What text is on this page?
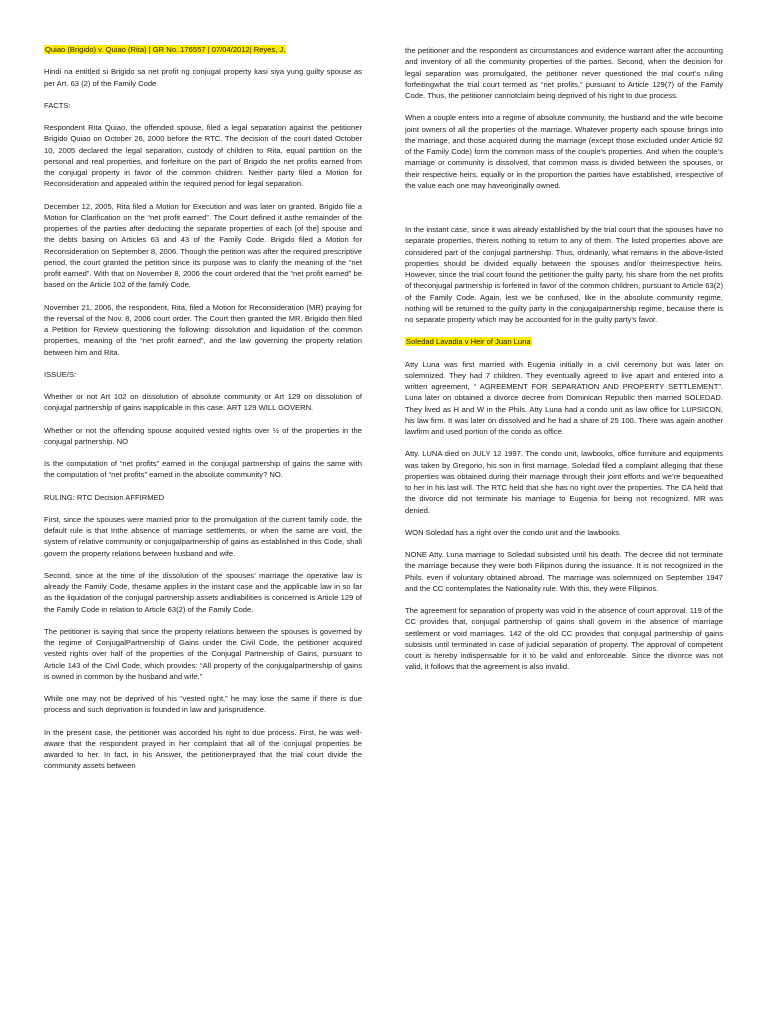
Quiao (Brigido) v. Quiao (Rita) | GR No. 176557 | 07/04/2012| Reyes, J.

Hindi na entitled si Brigido sa net profit ng conjugal property kasi siya yung guilty spouse as per Art. 63 (2) of the Family Code

FACTS:

Respondent Rita Quiao, the offended spouse, filed a legal separation against the petitioner Brigido Quiao on October 26, 2000 before the RTC. The decision of the court dated October 10, 2005 declared the legal separation, custody of children to Rita, equal partition on the personal and real properties, and forfeiture on the part of Brigido the net profits earned from the conjugal property in favor of the common children. Neither party filed a Motion for Reconsideration and appealed within the required period for legal separation.

December 12, 2005, Rita filed a Motion for Execution and was later on granted. Brigido file a Motion for Clarification on the “net profit earned”. The Court defined it asthe remainder of the properties of the parties after deducting the separate properties of each [of the] spouse and the debts basing on Articles 63 and 43 of the Family Code. Brigido filed a Motion for Reconsideration on September 8, 2006. Though the petition was after the required prescriptive period, the court granted the petition since its purpose was to clarify the meaning of the “net profit earned”. With that on November 8, 2006 the court ordered that the “net profit earned” be based on the Article 102 of the family Code.

November 21, 2006, the respondent, Rita, filed a Motion for Reconsideration (MR) praying for the reversal of the Nov. 8, 2006 court order. The Court then granted the MR. Brigido then filed a Petition for Review questioning the following: dissolution and liquidation of the common properties, meaning of the “net profit earned”, and the law governing the property relation between him and Rita.

ISSUE/S:

Whether or not Art 102 on dissolution of absolute community or Art 129 on dissolution of conjugal partnership of gains isapplicable in this case. ART 129 WILL GOVERN.

Whether or not the offending spouse acquired vested rights over ½ of the properties in the conjugal partnership. NO

Is the computation of “net profits” earned in the conjugal partnership of gains the same with the computation of “net profits” earned in the absolute community? NO.

RULING: RTC Decision AFFIRMED

First, since the spouses were married prior to the promulgation of the current family code, the default rule is that Inthe absence of marriage settlements, or when the same are void, the system of relative community or conjugalpartnership of gains as established in this Code, shall govern the property relations between husband and wife.

Second, since at the time of the dissolution of the spouses’ marriage the operative law is already the Family Code, thesame applies in the instant case and the applicable law in so far as the liquidation of the conjugal partnership assets andliabilities is concerned is Article 129 of the Family Code in relation to Article 63(2) of the Family Code.

The petitioner is saying that since the property relations between the spouses is governed by the regime of ConjugalPartnership of Gains under the Civil Code, the petitioner acquired vested rights over half of the properties of the Conjugal Partnership of Gains, pursuant to Article 143 of the Civil Code, which provides: “All property of the conjugalpartnership of gains is owned in common by the husband and wife.”

While one may not be deprived of his “vested right,” he may lose the same if there is due process and such deprivation is founded in law and jurisprudence.

In the present case, the petitioner was accorded his right to due process. First, he was well-aware that the respondent prayed in her complaint that all of the conjugal properties be awarded to her. In fact, in his Answer, the petitionerprayed that the trial court divide the community assets between

the petitioner and the respondent as circumstances and evidence warrant after the accounting and inventory of all the community properties of the parties. Second, when the decision for legal separation was promulgated, the petitioner never questioned the trial court’s ruling forfeitingwhat the trial court termed as “net profits,” pursuant to Article 129(7) of the Family Code. Thus, the petitioner cannotclaim being deprived of his right to due process.

When a couple enters into a regime of absolute community, the husband and the wife become joint owners of all the properties of the marriage. Whatever property each spouse brings into the marriage, and those acquired during the marriage (except those excluded under Article 92 of the Family Code) form the common mass of the couple’s properties. And when the couple’s marriage or community is dissolved, that common mass is divided between the spouses, or their respective heirs, equally or in the proportion the parties have established, irrespective of the value each one may haveoriginally owned.

In the instant case, since it was already established by the trial court that the spouses have no separate properties, thereis nothing to return to any of them. The listed properties above are considered part of the conjugal partnership. Thus, ordinarily, what remains in the above-listed properties should be divided equally between the spouses and/or theirrespective heirs. However, since the trial court found the petitioner the guilty party, his share from the net profits of theconjugal partnership is forfeited in favor of the common children, pursuant to Article 63(2) of the Family Code. Again, lest we be confused, like in the absolute community regime, nothing will be returned to the guilty party in the conjugalpartnership regime, because there is no separate property which may be accounted for in the guilty party’s favor.

Soledad Lavadia v Heir of Juan Luna

Atty Luna was first married with Eugenia initially in a civil ceremony but was later on solemnized. They had 7 children. They eventually agreed to live apart and entered into a written agreement, “ AGREEMENT FOR SEPARATION AND PROPERTY SETTLEMENT”. Luna later on obtained a divorce decree from Dominican Republic then married SOLEDAD. They lived as H and W in the Phils. Atty Luna had a condo unit as law office for LUPSICON, his law firm. It was later on dissolved and he had a share of 25 100. There was again another lawfirm and used portion of the condo as office.

Atty. LUNA died on JULY 12 1997. The condo unit, lawbooks, office furniture and equipments was taken by Gregorio, his son in first marriage. Soledad filed a complaint alleging that these properties was obtained during their marriage through their joint efforts and we’re bequeathed to her in his last will. The RTC held that she has no right over the properties. The CA held that the divorce did not terminate his marriage to Eugenia for being not recognized. MR was denied.

WON Soledad has a right over the condo unit and the lawbooks.

NONE Atty. Luna marriage to Soledad subsisted until his death. The decree did not terminate the marriage because they were both Filipinos during the issuance. It is not recognized in the Phils. even if voluntary obtained abroad. The marriage was solemnized on September 1947 and the CC contemplates the Nationality rule. With this, they were Filipinos.

The agreement for separation of property was void in the absence of court approval. 119 of the CC provides that, conjugal partnership of gains shall govern in the absence of marriage settlement or void marriages. 142 of the old CC provides that conjugal partnership of gains subsists until terminated in case of judicial separation of property. The approval of competent court is hereby indispensable for it to be valid and enforceable. Since the divorce was not valid, it follows that the agreement is also invalid.
